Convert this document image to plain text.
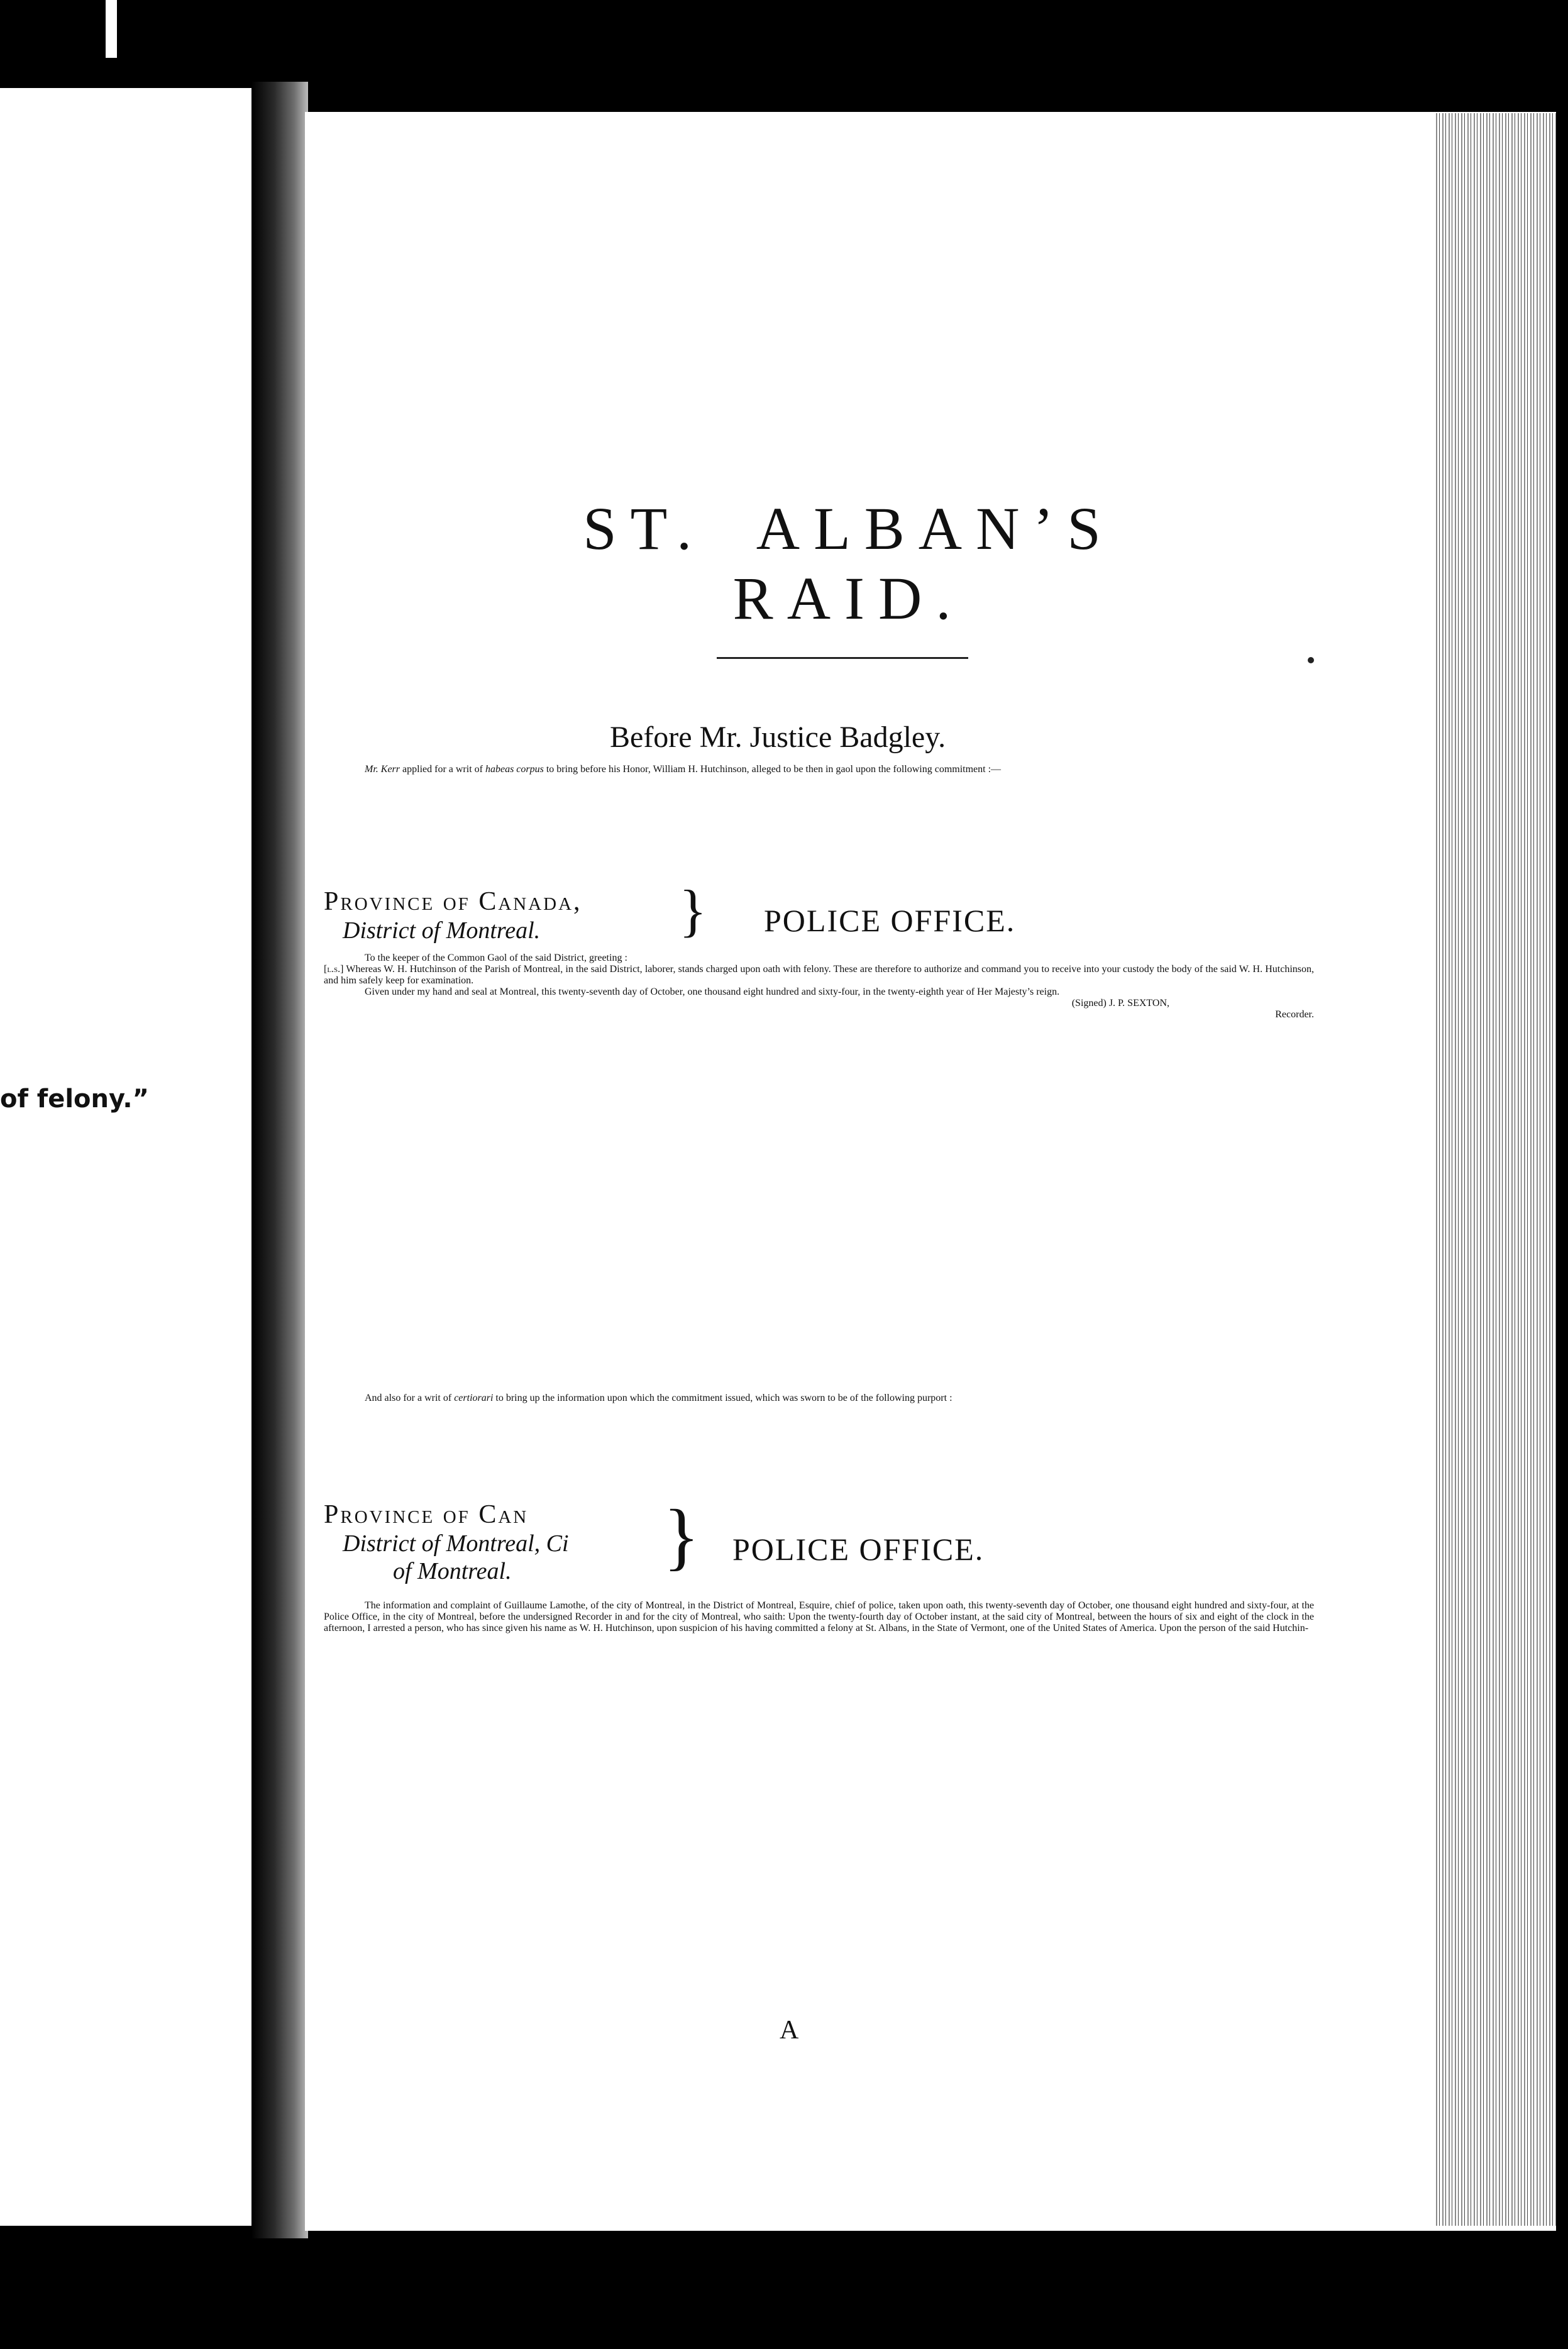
of felony.”
ST. ALBAN’S RAID.
Before Mr. Justice Badgley.

Mr. Kerr applied for a writ of habeas corpus to bring before his Honor, William H. Hutchinson, alleged to be then in gaol upon the following commitment :—

Province of Canada,
District of Montreal.	} POLICE OFFICE.

To the keeper of the Common Gaol of the said District, greeting :

[l.s.] Whereas W. H. Hutchinson of the Parish of Montreal, in the said District, laborer, stands charged upon oath with felony. These are therefore to authorize and command you to receive into your custody the body of the said W. H. Hutchinson, and him safely keep for examination.

Given under my hand and seal at Montreal, this twenty-seventh day of October, one thousand eight hundred and sixty-four, in the twenty-eighth year of Her Majesty’s reign.

(Signed) J. P. SEXTON,

Recorder.

And also for a writ of certiorari to bring up the information upon which the commitment issued, which was sworn to be of the following purport :

Province of Can
District of Montreal, Ci
of Montreal.	} POLICE OFFICE.

The information and complaint of Guillaume Lamothe, of the city of Montreal, in the District of Montreal, Esquire, chief of police, taken upon oath, this twenty-seventh day of October, one thousand eight hundred and sixty-four, at the Police Office, in the city of Montreal, before the undersigned Recorder in and for the city of Montreal, who saith: Upon the twenty-fourth day of October instant, at the said city of Montreal, between the hours of six and eight of the clock in the afternoon, I arrested a person, who has since given his name as W. H. Hutchinson, upon suspicion of his having committed a felony at St. Albans, in the State of Vermont, one of the United States of America. Upon the person of the said Hutchin-

A
